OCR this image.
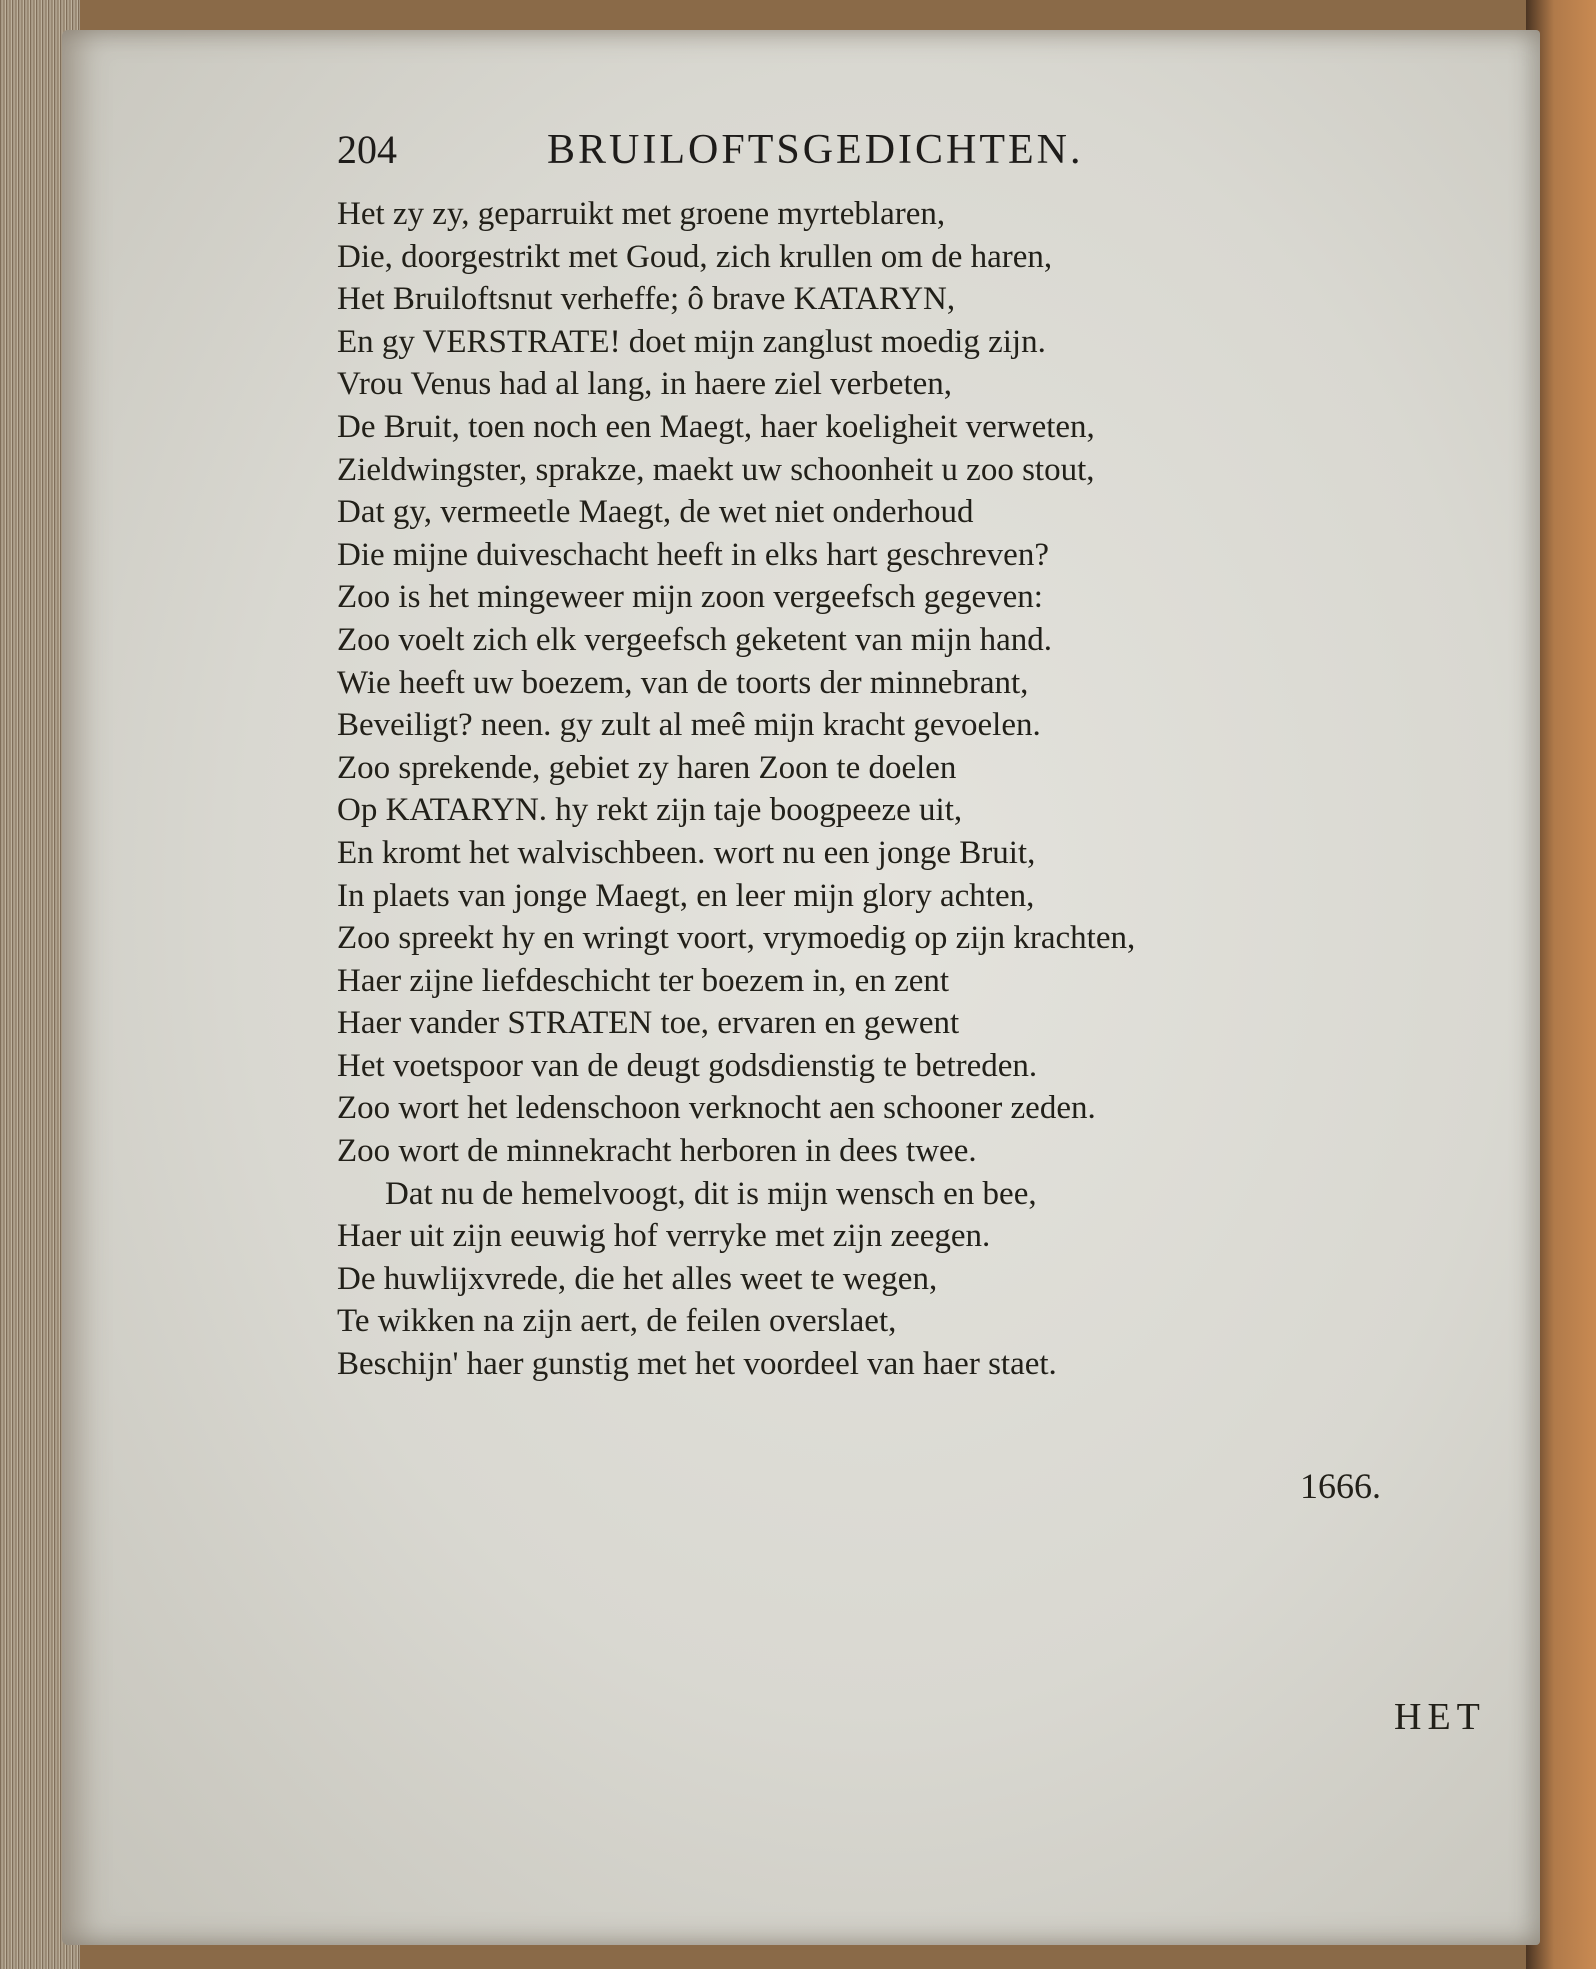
204	BRUILOFTSGEDICHTEN.
Het zy zy, geparruikt met groene myrteblaren,
Die, doorgestrikt met Goud, zich krullen om de haren,
Het Bruiloftsnut verheffe; ô brave KATARYN,
En gy VERSTRATE! doet mijn zanglust moedig zijn.
Vrou Venus had al lang, in haere ziel verbeten,
De Bruit, toen noch een Maegt, haer koeligheit verweten,
Zieldwingster, sprakze, maekt uw schoonheit u zoo stout,
Dat gy, vermeetle Maegt, de wet niet onderhoud
Die mijne duiveschacht heeft in elks hart geschreven?
Zoo is het mingeweer mijn zoon vergeefsch gegeven:
Zoo voelt zich elk vergeefsch geketent van mijn hand.
Wie heeft uw boezem, van de toorts der minnebrant,
Beveiligt? neen. gy zult al meê mijn kracht gevoelen.
Zoo sprekende, gebiet zy haren Zoon te doelen
Op KATARYN. hy rekt zijn taje boogpeeze uit,
En kromt het walvischbeen. wort nu een jonge Bruit,
In plaets van jonge Maegt, en leer mijn glory achten,
Zoo spreekt hy en wringt voort, vrymoedig op zijn krachten,
Haer zijne liefdeschicht ter boezem in, en zent
Haer vander STRATEN toe, ervaren en gewent
Het voetspoor van de deugt godsdienstig te betreden.
Zoo wort het ledenschoon verknocht aen schooner zeden.
Zoo wort de minnekracht herboren in dees twee.
Dat nu de hemelvoogt, dit is mijn wensch en bee,
Haer uit zijn eeuwig hof verryke met zijn zeegen.
De huwlijxvrede, die het alles weet te wegen,
Te wikken na zijn aert, de feilen overslaet,
Beschijn' haer gunstig met het voordeel van haer staet.
1666.
HET
